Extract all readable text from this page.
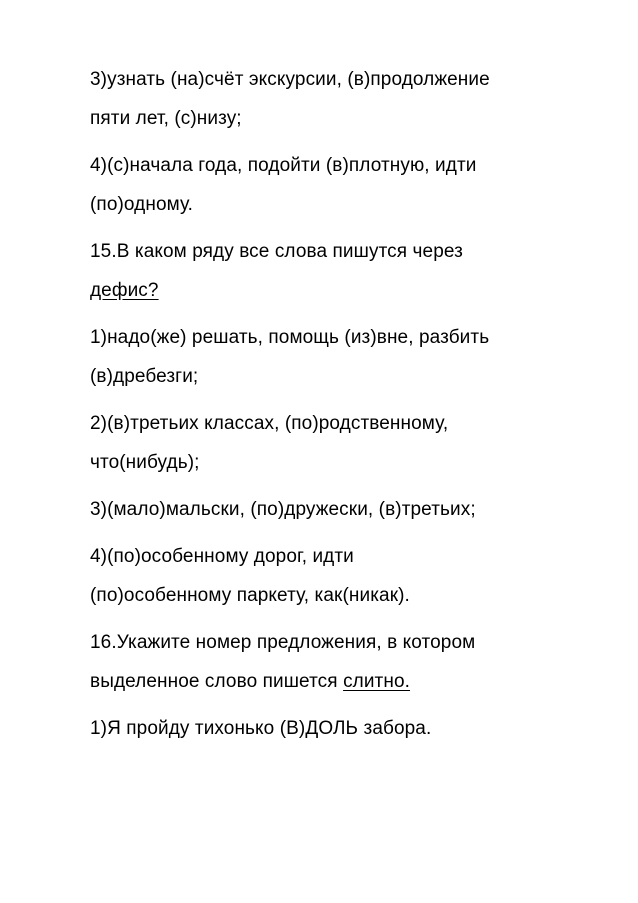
3)узнать (на)счёт экскурсии, (в)продолжение
пяти лет, (с)низу;

4)(с)начала года, подойти (в)плотную, идти
(по)одному.

15.В каком ряду все слова пишутся через
дефис?

1)надо(же) решать, помощь (из)вне, разбить
(в)дребезги;

2)(в)третьих классах, (по)родственному,
что(нибудь);

3)(мало)мальски, (по)дружески, (в)третьих;

4)(по)особенному дорог, идти
(по)особенному паркету, как(никак).

16.Укажите номер предложения, в котором
выделенное слово пишется слитно.

1)Я пройду тихонько (В)ДОЛЬ забора.
